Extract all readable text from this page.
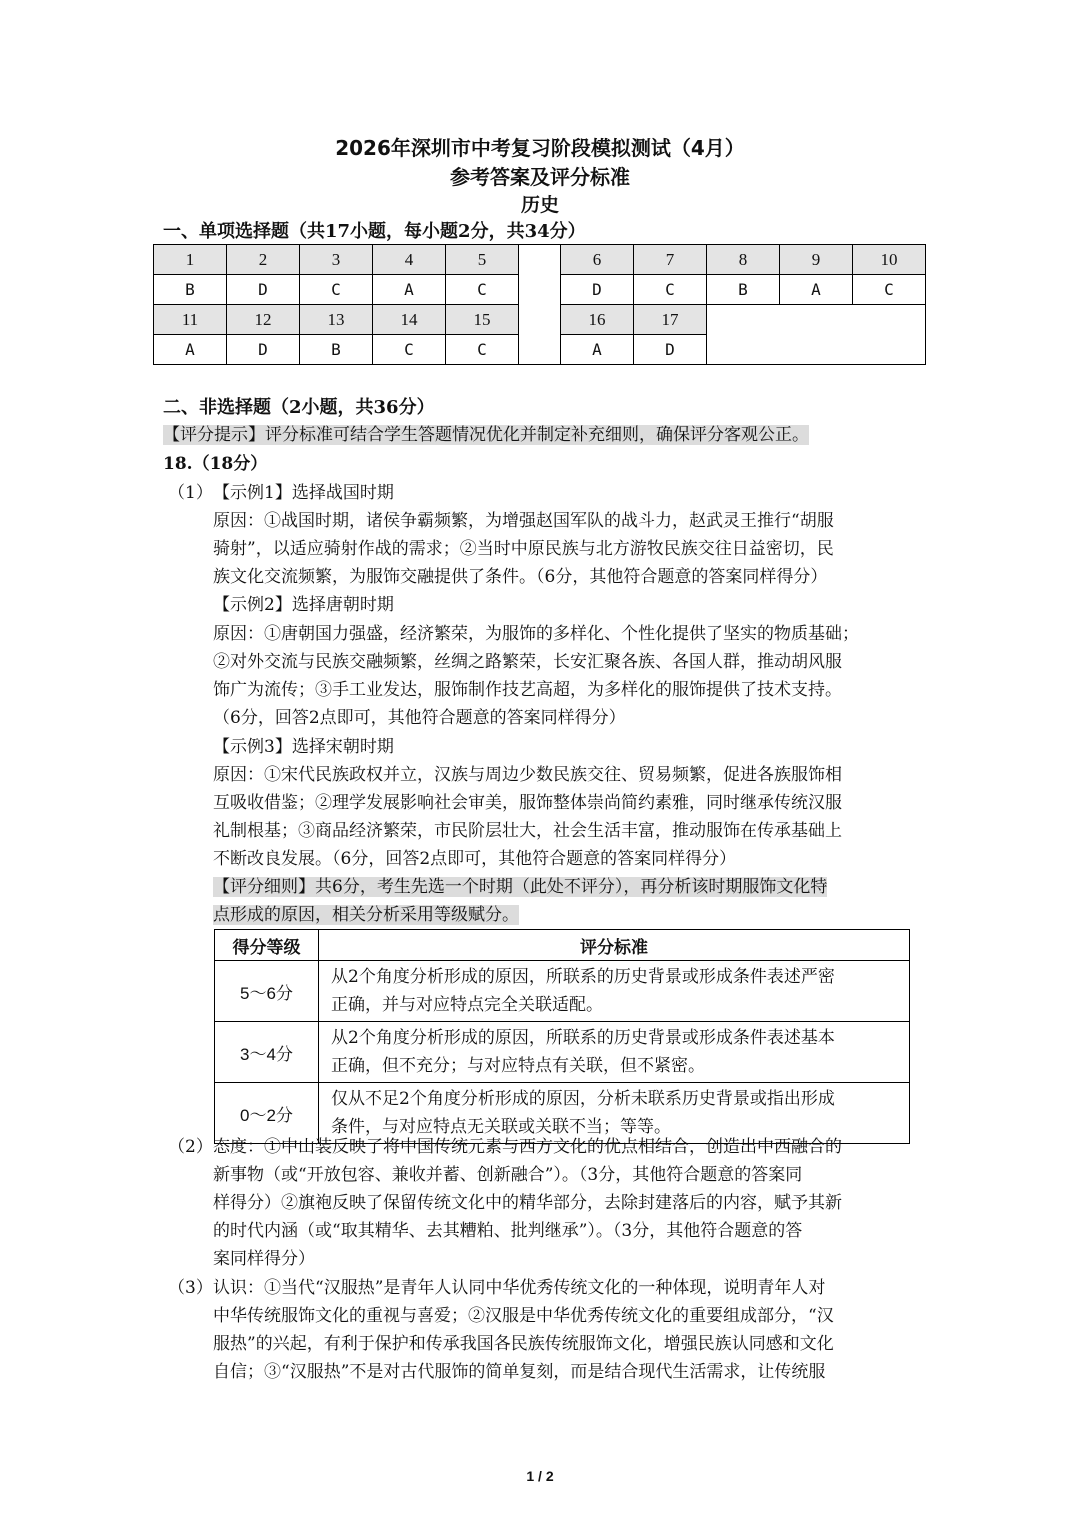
2026年深圳市中考复习阶段模拟测试（4月）
参考答案及评分标准
历史
一、单项选择题（共17小题，每小题2分，共34分）
1	2	3	4	5		6	7	8	9	10
B	D	C	A	C		D	C	B	A	C
11	12	13	14	15		16	17			
A	D	B	C	C		A	D			
二、非选择题（2小题，共36分）
【评分提示】评分标准可结合学生答题情况优化并制定补充细则，确保评分客观公正。
18.（18分）
（1） 【示例1】选择战国时期
原因：①战国时期，诸侯争霸频繁，为增强赵国军队的战斗力，赵武灵王推行“胡服
骑射”，以适应骑射作战的需求；②当时中原民族与北方游牧民族交往日益密切，民
族文化交流频繁，为服饰交融提供了条件。（6分，其他符合题意的答案同样得分）
【示例2】选择唐朝时期
原因：①唐朝国力强盛，经济繁荣，为服饰的多样化、个性化提供了坚实的物质基础；
②对外交流与民族交融频繁，丝绸之路繁荣，长安汇聚各族、各国人群，推动胡风服
饰广为流传；③手工业发达，服饰制作技艺高超，为多样化的服饰提供了技术支持。
（6分，回答2点即可，其他符合题意的答案同样得分）
【示例3】选择宋朝时期
原因：①宋代民族政权并立，汉族与周边少数民族交往、贸易频繁，促进各族服饰相
互吸收借鉴；②理学发展影响社会审美，服饰整体崇尚简约素雅，同时继承传统汉服
礼制根基；③商品经济繁荣，市民阶层壮大，社会生活丰富，推动服饰在传承基础上
不断改良发展。（6分，回答2点即可，其他符合题意的答案同样得分）
【评分细则】共6分，考生先选一个时期（此处不评分），再分析该时期服饰文化特
点形成的原因，相关分析采用等级赋分。
得分等级	评分标准
5～6分	从2个角度分析形成的原因，所联系的历史背景或形成条件表述严密
正确，并与对应特点完全关联适配。

3～4分	从2个角度分析形成的原因，所联系的历史背景或形成条件表述基本
正确，但不充分；与对应特点有关联，但不紧密。

0～2分	仅从不足2个角度分析形成的原因，分析未联系历史背景或指出形成
条件，与对应特点无关联或关联不当；等等。
（2） 态度：①中山装反映了将中国传统元素与西方文化的优点相结合，创造出中西融合的
新事物（或“开放包容、兼收并蓄、创新融合”）。（3分，其他符合题意的答案同
样得分）②旗袍反映了保留传统文化中的精华部分，去除封建落后的内容，赋予其新
的时代内涵（或“取其精华、去其糟粕、批判继承”）。（3分，其他符合题意的答
案同样得分）
（3） 认识：①当代“汉服热”是青年人认同中华优秀传统文化的一种体现，说明青年人对
中华传统服饰文化的重视与喜爱；②汉服是中华优秀传统文化的重要组成部分，“汉
服热”的兴起，有利于保护和传承我国各民族传统服饰文化，增强民族认同感和文化
自信；③“汉服热”不是对古代服饰的简单复刻，而是结合现代生活需求，让传统服
1 / 2
